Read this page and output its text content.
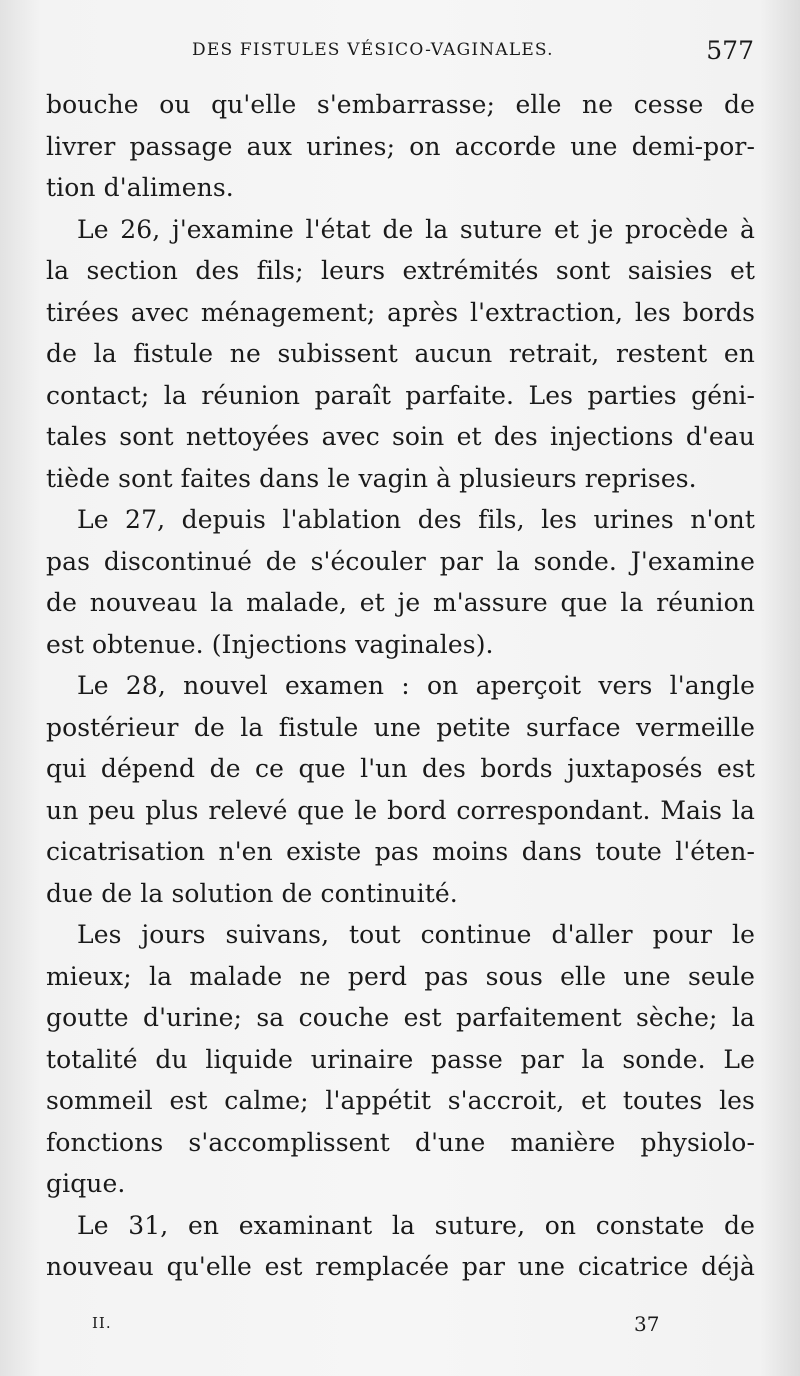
DES FISTULES VÉSICO-VAGINALES.	577
bouche ou qu'elle s'embarrasse; elle ne cesse de
livrer passage aux urines; on accorde une demi-por-
tion d'alimens.
Le 26, j'examine l'état de la suture et je procède à
la section des fils; leurs extrémités sont saisies et
tirées avec ménagement; après l'extraction, les bords
de la fistule ne subissent aucun retrait, restent en
contact; la réunion paraît parfaite. Les parties géni-
tales sont nettoyées avec soin et des injections d'eau
tiède sont faites dans le vagin à plusieurs reprises.
Le 27, depuis l'ablation des fils, les urines n'ont
pas discontinué de s'écouler par la sonde. J'examine
de nouveau la malade, et je m'assure que la réunion
est obtenue. (Injections vaginales).
Le 28, nouvel examen : on aperçoit vers l'angle
postérieur de la fistule une petite surface vermeille
qui dépend de ce que l'un des bords juxtaposés est
un peu plus relevé que le bord correspondant. Mais la
cicatrisation n'en existe pas moins dans toute l'éten-
due de la solution de continuité.
Les jours suivans, tout continue d'aller pour le
mieux; la malade ne perd pas sous elle une seule
goutte d'urine; sa couche est parfaitement sèche; la
totalité du liquide urinaire passe par la sonde. Le
sommeil est calme; l'appétit s'accroit, et toutes les
fonctions s'accomplissent d'une manière physiolo-
gique.
Le 31, en examinant la suture, on constate de
nouveau qu'elle est remplacée par une cicatrice déjà
II.	37
